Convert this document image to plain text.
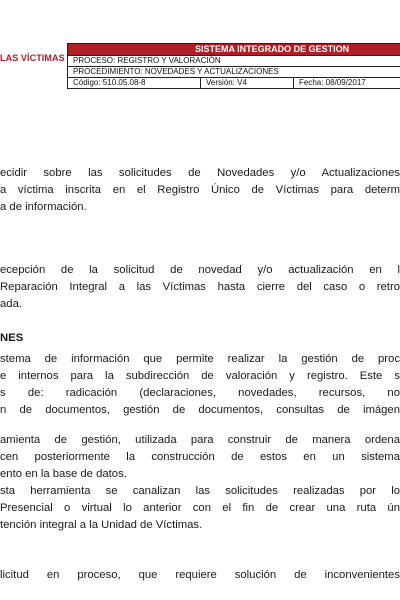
LAS VÍCTIMAS
SISTEMA INTEGRADO DE GESTION
PROCESO: REGISTRO Y VALORACIÓN
PROCEDIMIENTO: NOVEDADES Y ACTUALIZACIONES
Código: 510.05.08-8	Versión: V4	Fecha: 08/09/2017
ecidir sobre las solicitudes de Novedades y/o Actualizaciones
a víctima inscrita en el Registro Único de Víctimas para determ
a de información.
ecepción de la solicitud de novedad y/o actualización en l
Reparación Integral a las Víctimas hasta cierre del caso o retro
ada.
NES
stema de información que permite realizar la gestión de proc
e internos para la subdirección de valoración y registro. Este s
s de: radicación (declaraciones, novedades, recursos, no
n de documentos, gestión de documentos, consultas de imágen
amienta de gestión, utilizada para construir de manera ordena
cen posteriormente la construcción de estos en un sistema
ento en la base de datos.
sta herramienta se canalizan las solicitudes realizadas por lo
Presencial o virtual lo anterior con el fin de crear una ruta ún
tención integral a la Unidad de Víctimas.
licitud en proceso, que requiere solución de inconvenientes
